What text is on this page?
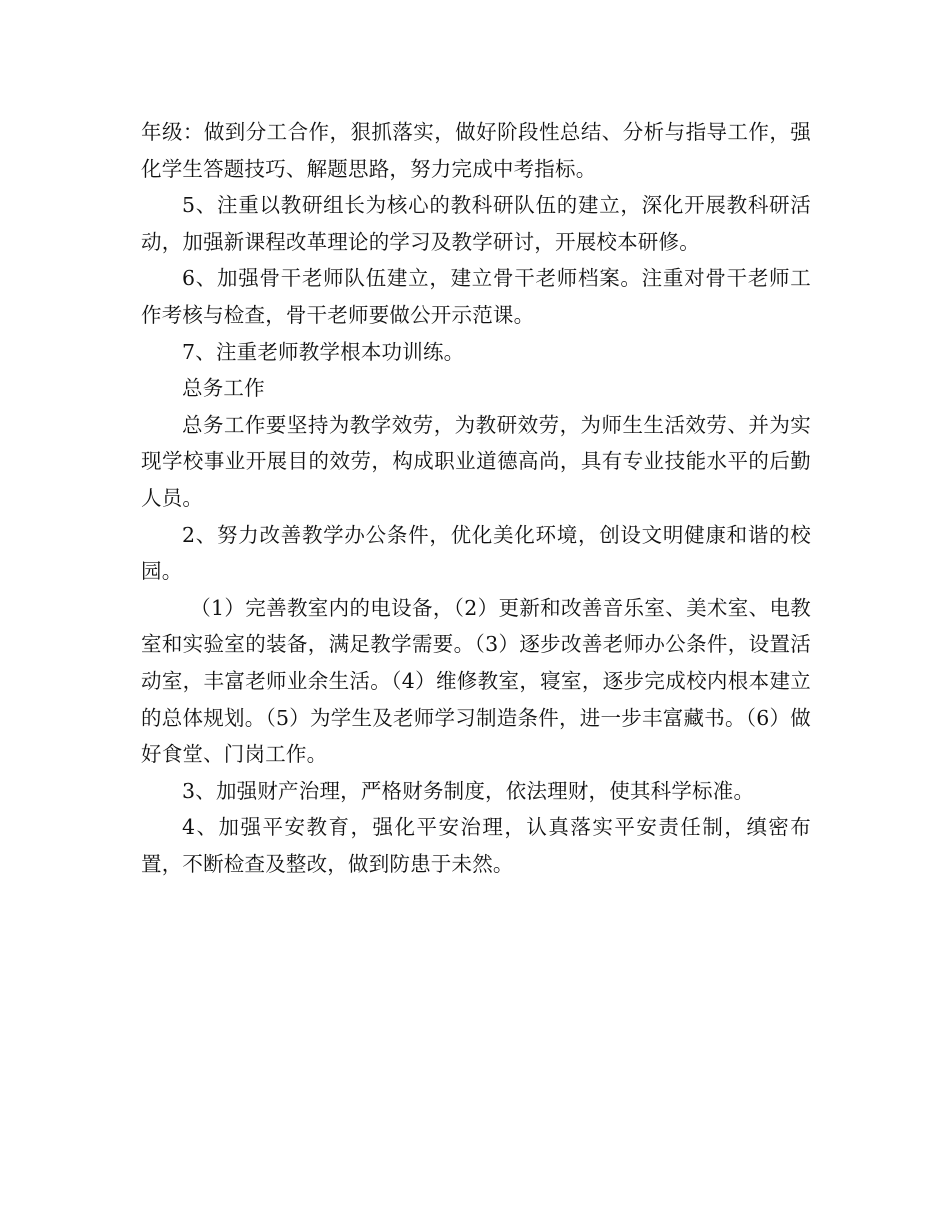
年级：做到分工合作，狠抓落实，做好阶段性总结、分析与指导工作，强化学生答题技巧、解题思路，努力完成中考指标。

5、注重以教研组长为核心的教科研队伍的建立，深化开展教科研活动，加强新课程改革理论的学习及教学研讨，开展校本研修。

6、加强骨干老师队伍建立，建立骨干老师档案。注重对骨干老师工作考核与检查，骨干老师要做公开示范课。

7、注重老师教学根本功训练。

总务工作

总务工作要坚持为教学效劳，为教研效劳，为师生生活效劳、并为实现学校事业开展目的效劳，构成职业道德高尚，具有专业技能水平的后勤人员。

2、努力改善教学办公条件，优化美化环境，创设文明健康和谐的校园。

（1）完善教室内的电设备，（2）更新和改善音乐室、美术室、电教室和实验室的装备，满足教学需要。（3）逐步改善老师办公条件，设置活动室，丰富老师业余生活。（4）维修教室，寝室，逐步完成校内根本建立的总体规划。（5）为学生及老师学习制造条件，进一步丰富藏书。（6）做好食堂、门岗工作。

3、加强财产治理，严格财务制度，依法理财，使其科学标准。

4、加强平安教育，强化平安治理，认真落实平安责任制，缜密布置，不断检查及整改，做到防患于未然。
